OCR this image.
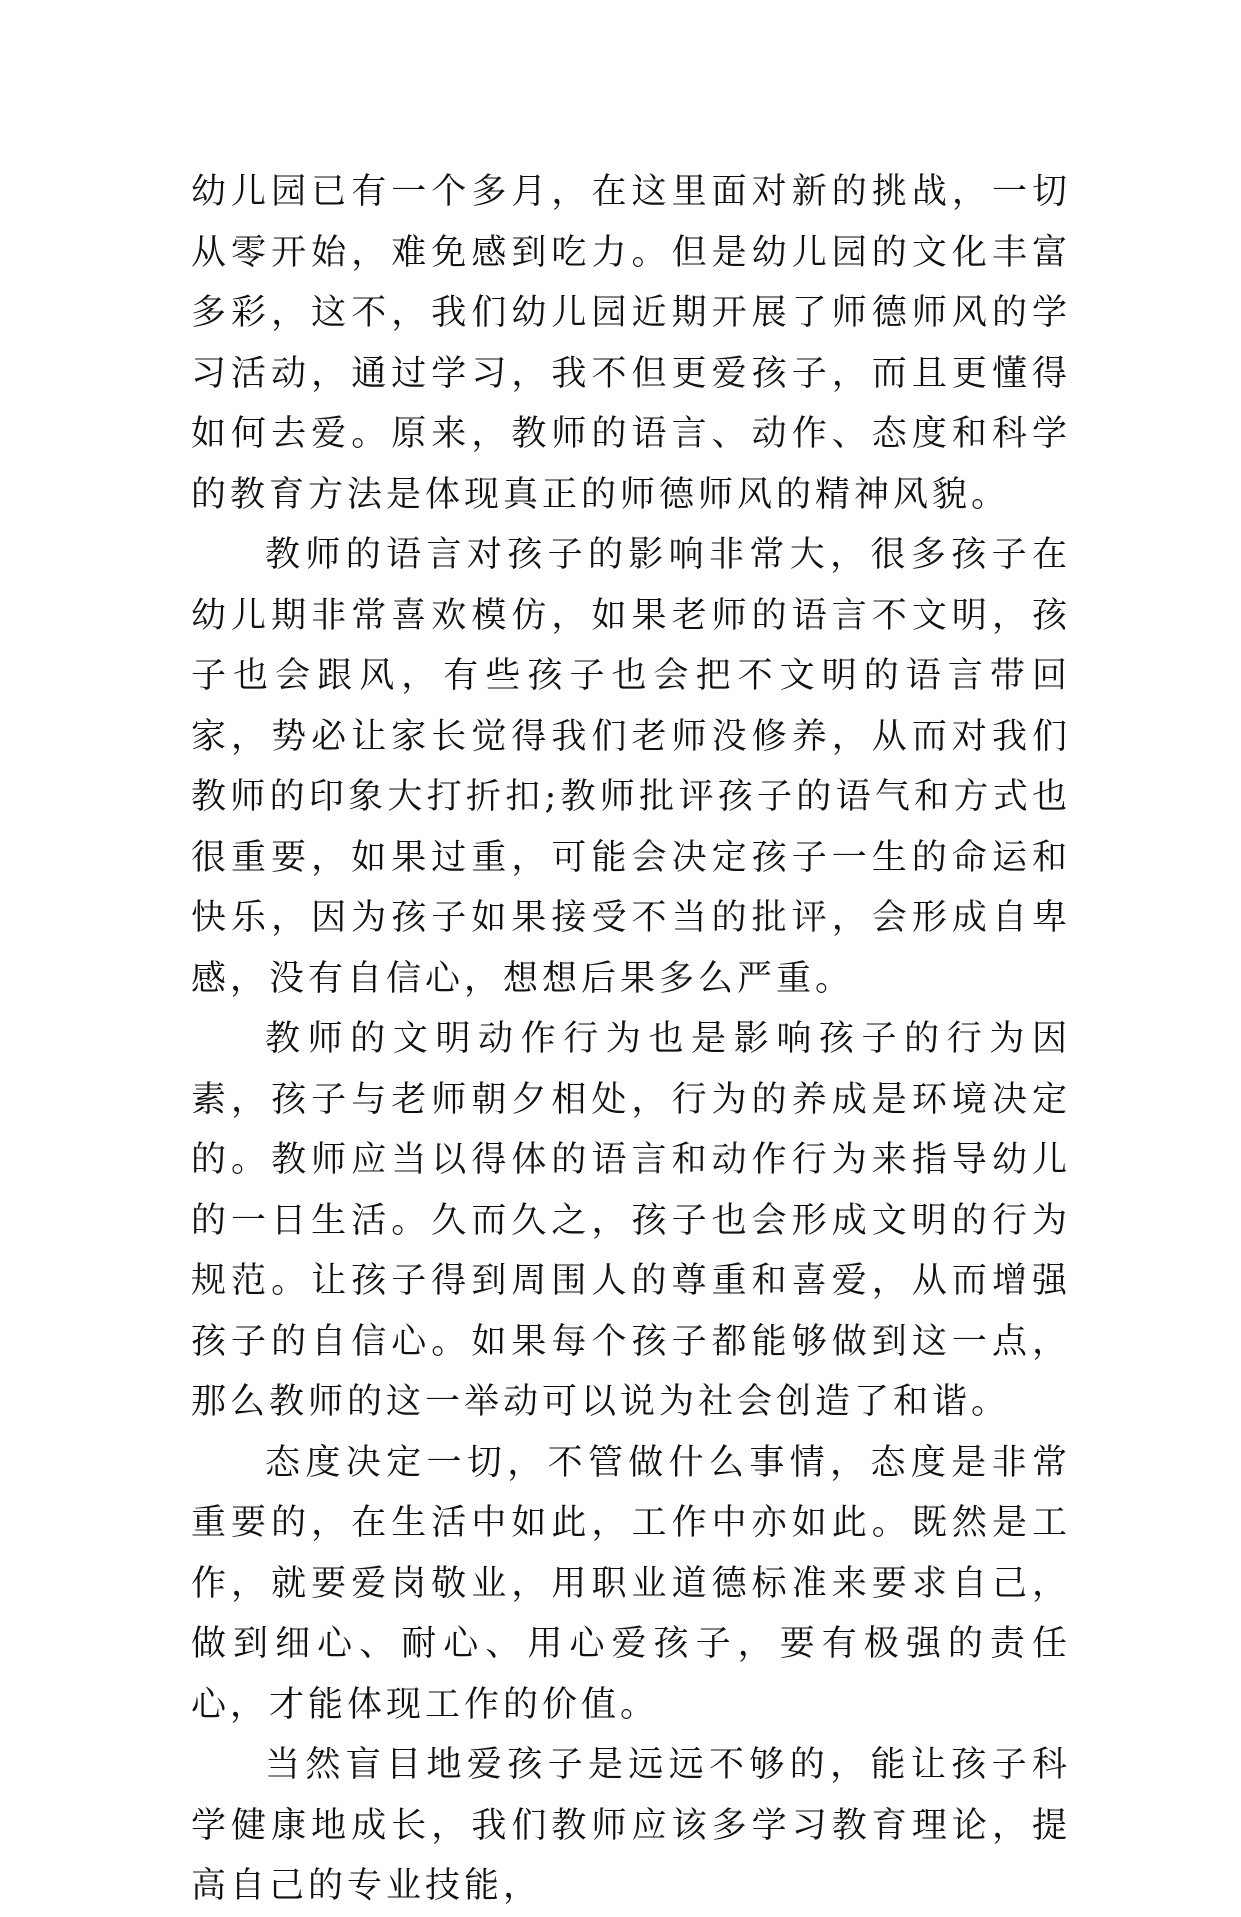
幼儿园已有一个多月，在这里面对新的挑战，一切从零开始，难免感到吃力。但是幼儿园的文化丰富多彩，这不，我们幼儿园近期开展了师德师风的学习活动，通过学习，我不但更爱孩子，而且更懂得如何去爱。原来，教师的语言、动作、态度和科学的教育方法是体现真正的师德师风的精神风貌。

教师的语言对孩子的影响非常大，很多孩子在幼儿期非常喜欢模仿，如果老师的语言不文明，孩子也会跟风，有些孩子也会把不文明的语言带回家，势必让家长觉得我们老师没修养，从而对我们教师的印象大打折扣;教师批评孩子的语气和方式也很重要，如果过重，可能会决定孩子一生的命运和快乐，因为孩子如果接受不当的批评，会形成自卑感，没有自信心，想想后果多么严重。

教师的文明动作行为也是影响孩子的行为因素，孩子与老师朝夕相处，行为的养成是环境决定的。教师应当以得体的语言和动作行为来指导幼儿的一日生活。久而久之，孩子也会形成文明的行为规范。让孩子得到周围人的尊重和喜爱，从而增强孩子的自信心。如果每个孩子都能够做到这一点，那么教师的这一举动可以说为社会创造了和谐。

态度决定一切，不管做什么事情，态度是非常重要的，在生活中如此，工作中亦如此。既然是工作，就要爱岗敬业，用职业道德标准来要求自己，做到细心、耐心、用心爱孩子，要有极强的责任心，才能体现工作的价值。

当然盲目地爱孩子是远远不够的，能让孩子科学健康地成长，我们教师应该多学习教育理论，提高自己的专业技能，
